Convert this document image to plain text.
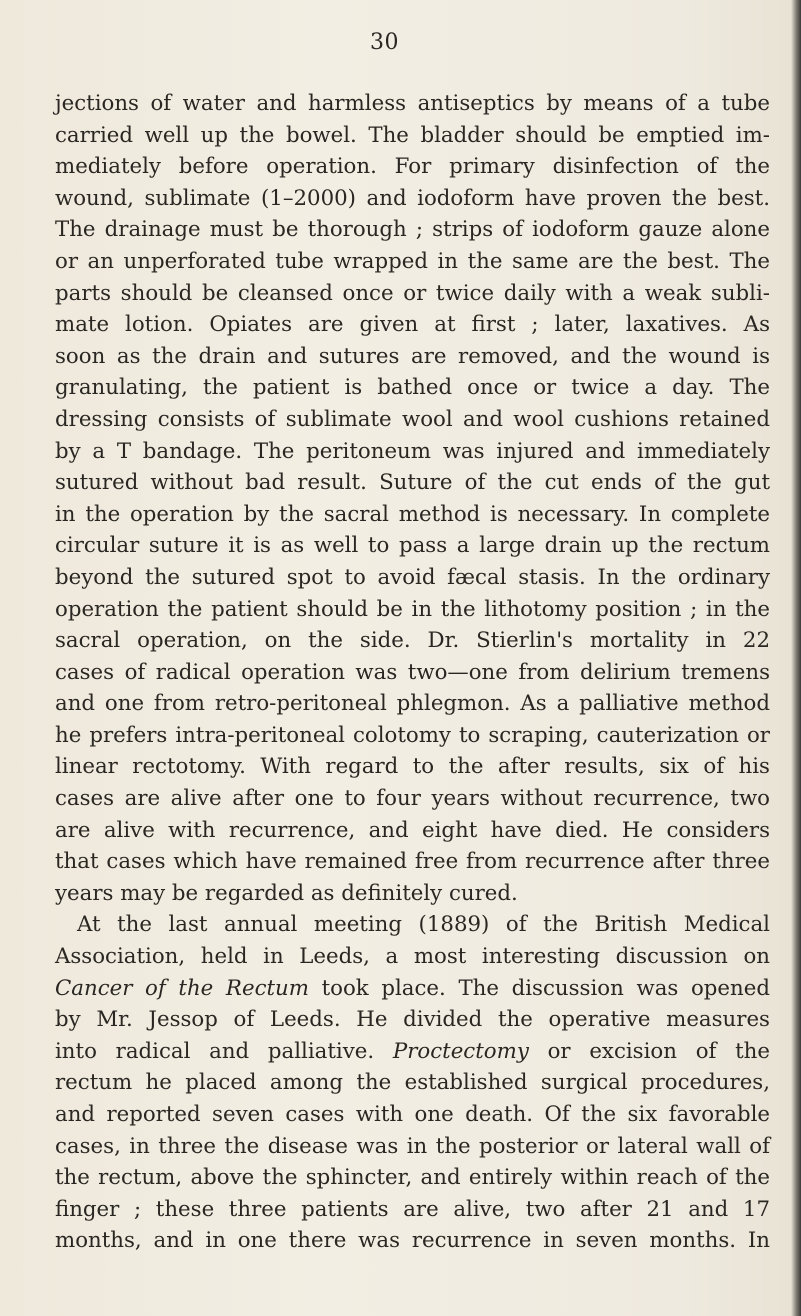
30
jections of water and harmless antiseptics by means of a tube
carried well up the bowel. The bladder should be emptied im-
mediately before operation. For primary disinfection of the
wound, sublimate (1–2000) and iodoform have proven the best.
The drainage must be thorough ; strips of iodoform gauze alone
or an unperforated tube wrapped in the same are the best. The
parts should be cleansed once or twice daily with a weak subli-
mate lotion. Opiates are given at first ; later, laxatives. As
soon as the drain and sutures are removed, and the wound is
granulating, the patient is bathed once or twice a day. The
dressing consists of sublimate wool and wool cushions retained
by a T bandage. The peritoneum was injured and immediately
sutured without bad result. Suture of the cut ends of the gut
in the operation by the sacral method is necessary. In complete
circular suture it is as well to pass a large drain up the rectum
beyond the sutured spot to avoid fæcal stasis. In the ordinary
operation the patient should be in the lithotomy position ; in the
sacral operation, on the side. Dr. Stierlin's mortality in 22
cases of radical operation was two—one from delirium tremens
and one from retro-peritoneal phlegmon. As a palliative method
he prefers intra-peritoneal colotomy to scraping, cauterization or
linear rectotomy. With regard to the after results, six of his
cases are alive after one to four years without recurrence, two
are alive with recurrence, and eight have died. He considers
that cases which have remained free from recurrence after three
years may be regarded as definitely cured.
At the last annual meeting (1889) of the British Medical
Association, held in Leeds, a most interesting discussion on
Cancer of the Rectum took place. The discussion was opened
by Mr. Jessop of Leeds. He divided the operative measures
into radical and palliative. Proctectomy or excision of the
rectum he placed among the established surgical procedures,
and reported seven cases with one death. Of the six favorable
cases, in three the disease was in the posterior or lateral wall of
the rectum, above the sphincter, and entirely within reach of the
finger ; these three patients are alive, two after 21 and 17
months, and in one there was recurrence in seven months. In
